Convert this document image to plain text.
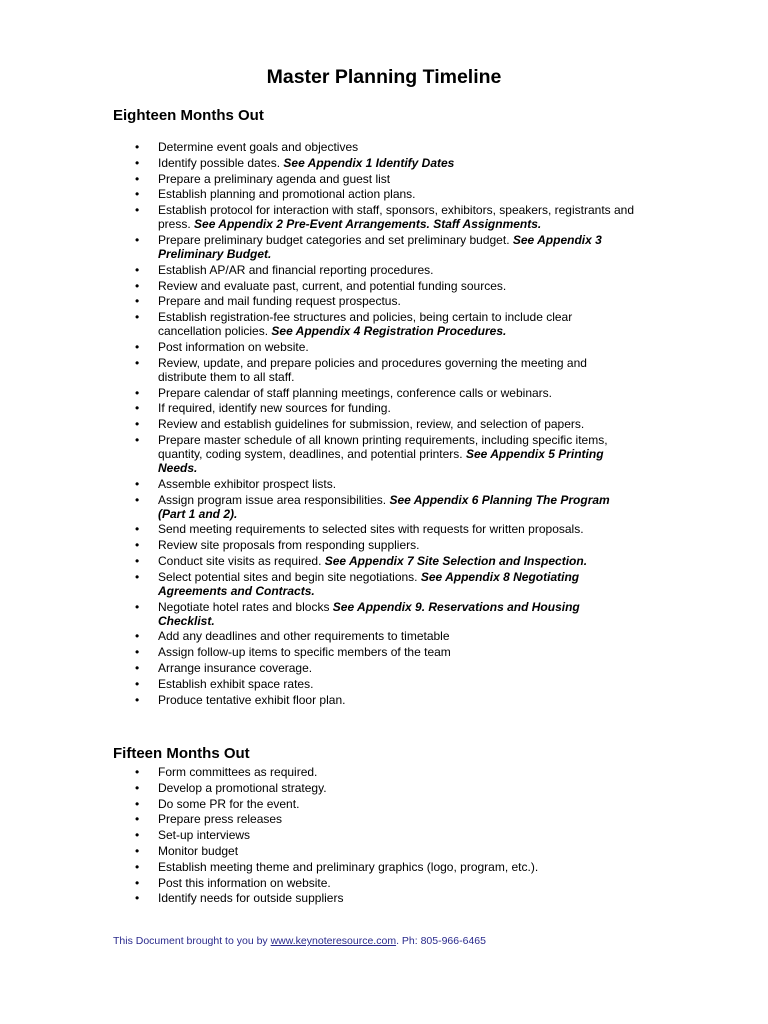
Master Planning Timeline
Eighteen Months Out
•	Determine event goals and objectives
•	Identify possible dates. See Appendix 1 Identify Dates
•	Prepare a preliminary agenda and guest list
•	Establish planning and promotional action plans.
•	Establish protocol for interaction with staff, sponsors, exhibitors, speakers, registrants and press. See Appendix 2 Pre-Event Arrangements. Staff Assignments.
•	Prepare preliminary budget categories and set preliminary budget. See Appendix 3 Preliminary Budget.
•	Establish AP/AR and financial reporting procedures.
•	Review and evaluate past, current, and potential funding sources.
•	Prepare and mail funding request prospectus.
•	Establish registration-fee structures and policies, being certain to include clear cancellation policies. See Appendix 4 Registration Procedures.
•	Post information on website.
•	Review, update, and prepare policies and procedures governing the meeting and distribute them to all staff.
•	Prepare calendar of staff planning meetings, conference calls or webinars.
•	If required, identify new sources for funding.
•	Review and establish guidelines for submission, review, and selection of papers.
•	Prepare master schedule of all known printing requirements, including specific items, quantity, coding system, deadlines, and potential printers. See Appendix 5 Printing Needs.
•	Assemble exhibitor prospect lists.
•	Assign program issue area responsibilities. See Appendix 6 Planning The Program (Part 1 and 2).
•	Send meeting requirements to selected sites with requests for written proposals.
•	Review site proposals from responding suppliers.
•	Conduct site visits as required. See Appendix 7 Site Selection and Inspection.
•	Select potential sites and begin site negotiations. See Appendix 8 Negotiating Agreements and Contracts.
•	Negotiate hotel rates and blocks See Appendix 9. Reservations and Housing Checklist.
•	Add any deadlines and other requirements to timetable
•	Assign follow-up items to specific members of the team
•	Arrange insurance coverage.
•	Establish exhibit space rates.
•	Produce tentative exhibit floor plan.
Fifteen Months Out
•	Form committees as required.
•	Develop a promotional strategy.
•	Do some PR for the event.
•	Prepare press releases
•	Set-up interviews
•	Monitor budget
•	Establish meeting theme and preliminary graphics (logo, program, etc.).
•	Post this information on website.
•	Identify needs for outside suppliers

This Document brought to you by www.keynoteresource.com. Ph: 805-966-6465
